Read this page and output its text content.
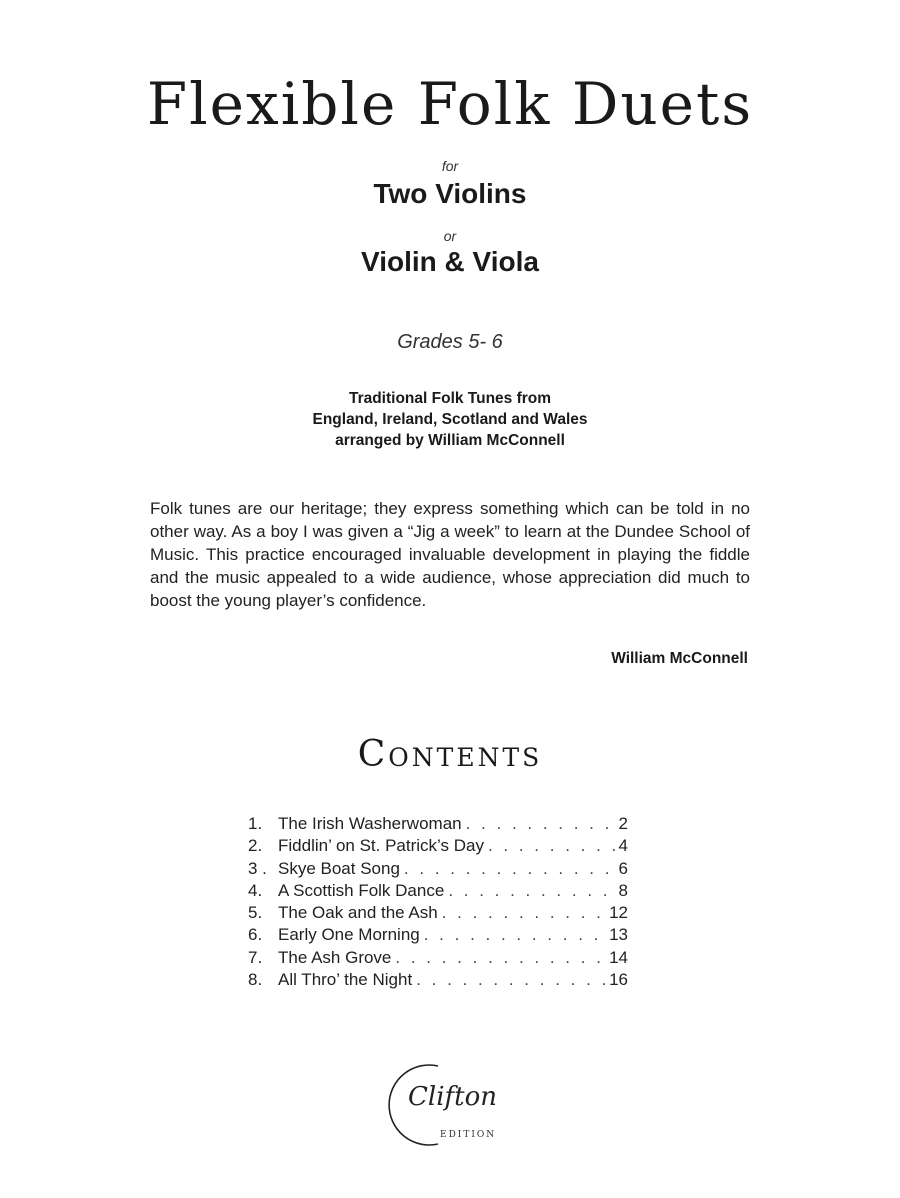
Flexible Folk Duets
for
Two Violins
or
Violin & Viola
Grades 5- 6
Traditional Folk Tunes from
England, Ireland, Scotland and Wales
arranged by William McConnell
Folk tunes are our heritage; they express something which can be told in no other way. As a boy I was given a “Jig a week” to learn at the Dundee School of Music. This practice encouraged invaluable development in playing the fiddle and the music appealed to a wide audience, whose appreciation did much to boost the young player’s confidence.
William McConnell
Contents
1. The Irish Washerwoman . . .	2
2. Fiddlin’ on St. Patrick’s Day . . .	4
3 . Skye Boat Song . . .	6
4. A Scottish Folk Dance . . .	8
5. The Oak and the Ash . . .	12
6. Early One Morning . . .	13
7. The Ash Grove . . .	14
8. All Thro’ the Night . . .	16
Clifton
EDITION
